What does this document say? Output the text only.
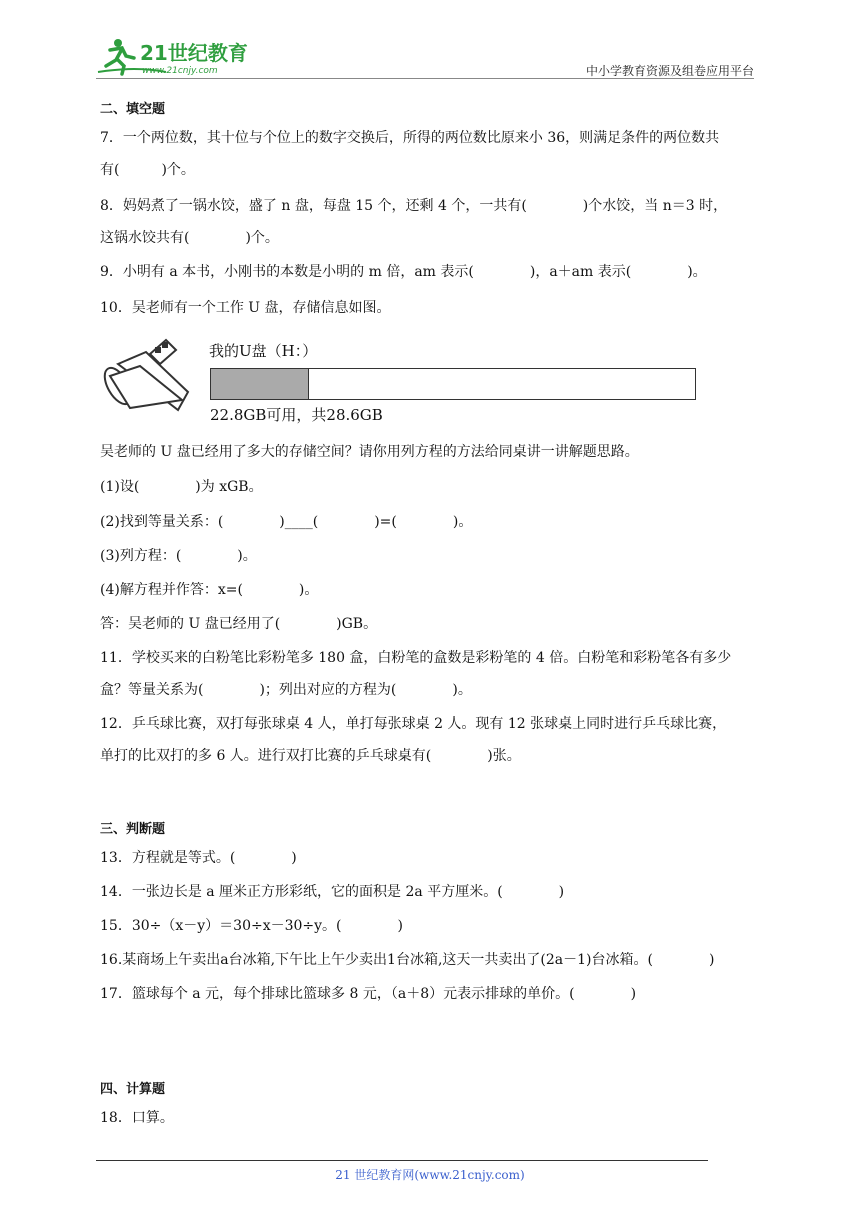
21世纪教育
www.21cnjy.com	中小学教育资源及组卷应用平台
二、填空题
7．一个两位数，其十位与个位上的数字交换后，所得的两位数比原来小 36，则满足条件的两位数共
有(　　　)个。
8．妈妈煮了一锅水饺，盛了 n 盘，每盘 15 个，还剩 4 个，一共有(　　　　)个水饺，当 n＝3 时，
这锅水饺共有(　　　　)个。
9．小明有 a 本书，小刚书的本数是小明的 m 倍，am 表示(　　　　)，a＋am 表示(　　　　)。
10．吴老师有一个工作 U 盘，存储信息如图。
吴老师的 U 盘已经用了多大的存储空间？请你用列方程的方法给同桌讲一讲解题思路。
(1)设(　　　　)为 xGB。
(2)找到等量关系：(　　　　)____(　　　　)=(　　　　)。
(3)列方程：(　　　　)。
(4)解方程并作答：x=(　　　　)。
答：吴老师的 U 盘已经用了(　　　　)GB。
11．学校买来的白粉笔比彩粉笔多 180 盒，白粉笔的盒数是彩粉笔的 4 倍。白粉笔和彩粉笔各有多少
盒？等量关系为(　　　　)；列出对应的方程为(　　　　)。
12．乒乓球比赛，双打每张球桌 4 人，单打每张球桌 2 人。现有 12 张球桌上同时进行乒乓球比赛，
单打的比双打的多 6 人。进行双打比赛的乒乓球桌有(　　　　)张。
三、判断题
13．方程就是等式。(　　　　)
14．一张边长是 a 厘米正方形彩纸，它的面积是 2a 平方厘米。(　　　　)
15．30÷（x－y）＝30÷x－30÷y。(　　　　)
16.某商场上午卖出a台冰箱,下午比上午少卖出1台冰箱,这天一共卖出了(2a－1)台冰箱。(　　　　)
17．篮球每个 a 元，每个排球比篮球多 8 元，（a＋8）元表示排球的单价。(　　　　)
四、计算题
18．口算。
我的U盘（H：）
22.8GB可用，共28.6GB
21 世纪教育网(www.21cnjy.com)
